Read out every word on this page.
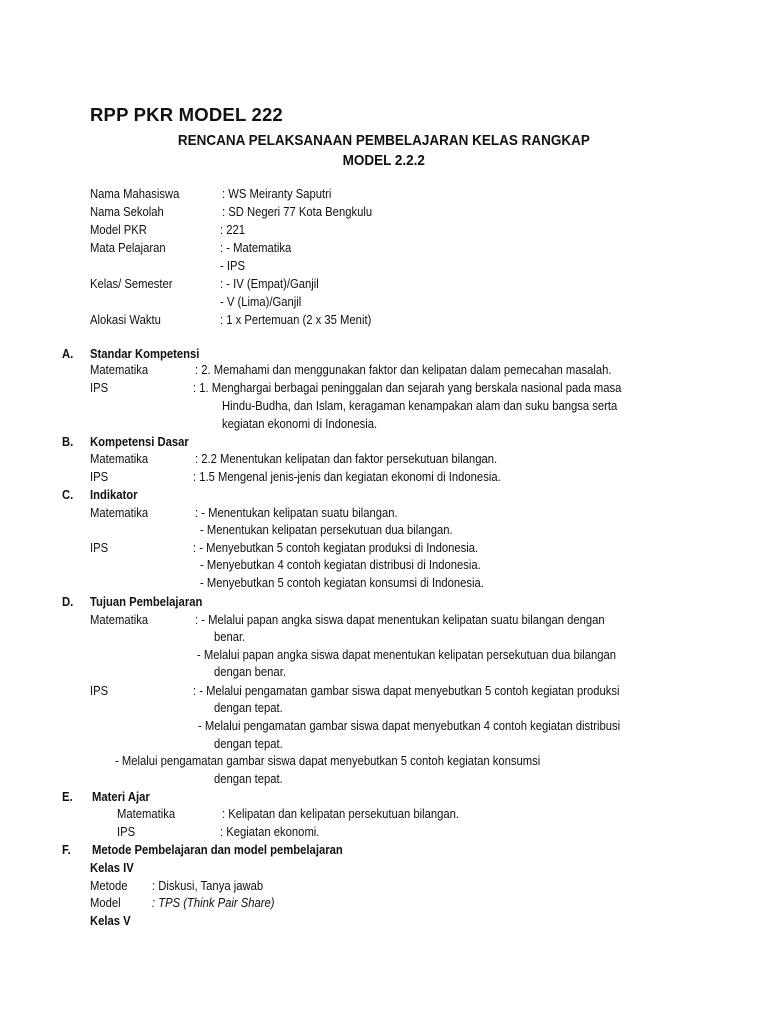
RPP PKR MODEL 222
RENCANA PELAKSANAAN PEMBELAJARAN KELAS RANGKAP
MODEL 2.2.2
Nama Mahasiswa	: WS Meiranty Saputri
Nama Sekolah	: SD Negeri 77 Kota Bengkulu
Model PKR	: 221
Mata Pelajaran	: - Matematika
- IPS
Kelas/ Semester	: - IV (Empat)/Ganjil
- V (Lima)/Ganjil
Alokasi Waktu	: 1 x Pertemuan (2 x 35 Menit)
A. Standar Kompetensi
Matematika	: 2. Memahami dan menggunakan faktor dan kelipatan dalam pemecahan masalah.
IPS	: 1. Menghargai berbagai peninggalan dan sejarah yang berskala nasional pada masa
Hindu-Budha, dan Islam, keragaman kenampakan alam dan suku bangsa serta
kegiatan ekonomi di Indonesia.
B. Kompetensi Dasar
Matematika	: 2.2 Menentukan kelipatan dan faktor persekutuan bilangan.
IPS	: 1.5 Mengenal jenis-jenis dan kegiatan ekonomi di Indonesia.
C. Indikator
Matematika	: - Menentukan kelipatan suatu bilangan.
- Menentukan kelipatan persekutuan dua bilangan.
IPS	: - Menyebutkan 5 contoh kegiatan produksi di Indonesia.
- Menyebutkan 4 contoh kegiatan distribusi di Indonesia.
- Menyebutkan 5 contoh kegiatan konsumsi di Indonesia.
D. Tujuan Pembelajaran
Matematika	: - Melalui papan angka siswa dapat menentukan kelipatan suatu bilangan dengan
benar.
- Melalui papan angka siswa dapat menentukan kelipatan persekutuan dua bilangan
dengan benar.
IPS	: - Melalui pengamatan gambar siswa dapat menyebutkan 5 contoh kegiatan produksi
dengan tepat.
- Melalui pengamatan gambar siswa dapat menyebutkan 4 contoh kegiatan distribusi
dengan tepat.
- Melalui pengamatan gambar siswa dapat menyebutkan 5 contoh kegiatan konsumsi
dengan tepat.
E. Materi Ajar
Matematika	: Kelipatan dan kelipatan persekutuan bilangan.
IPS	: Kegiatan ekonomi.
F. Metode Pembelajaran dan model pembelajaran
Kelas IV
Metode : Diskusi, Tanya jawab
Model	: TPS (Think Pair Share)
Kelas V
